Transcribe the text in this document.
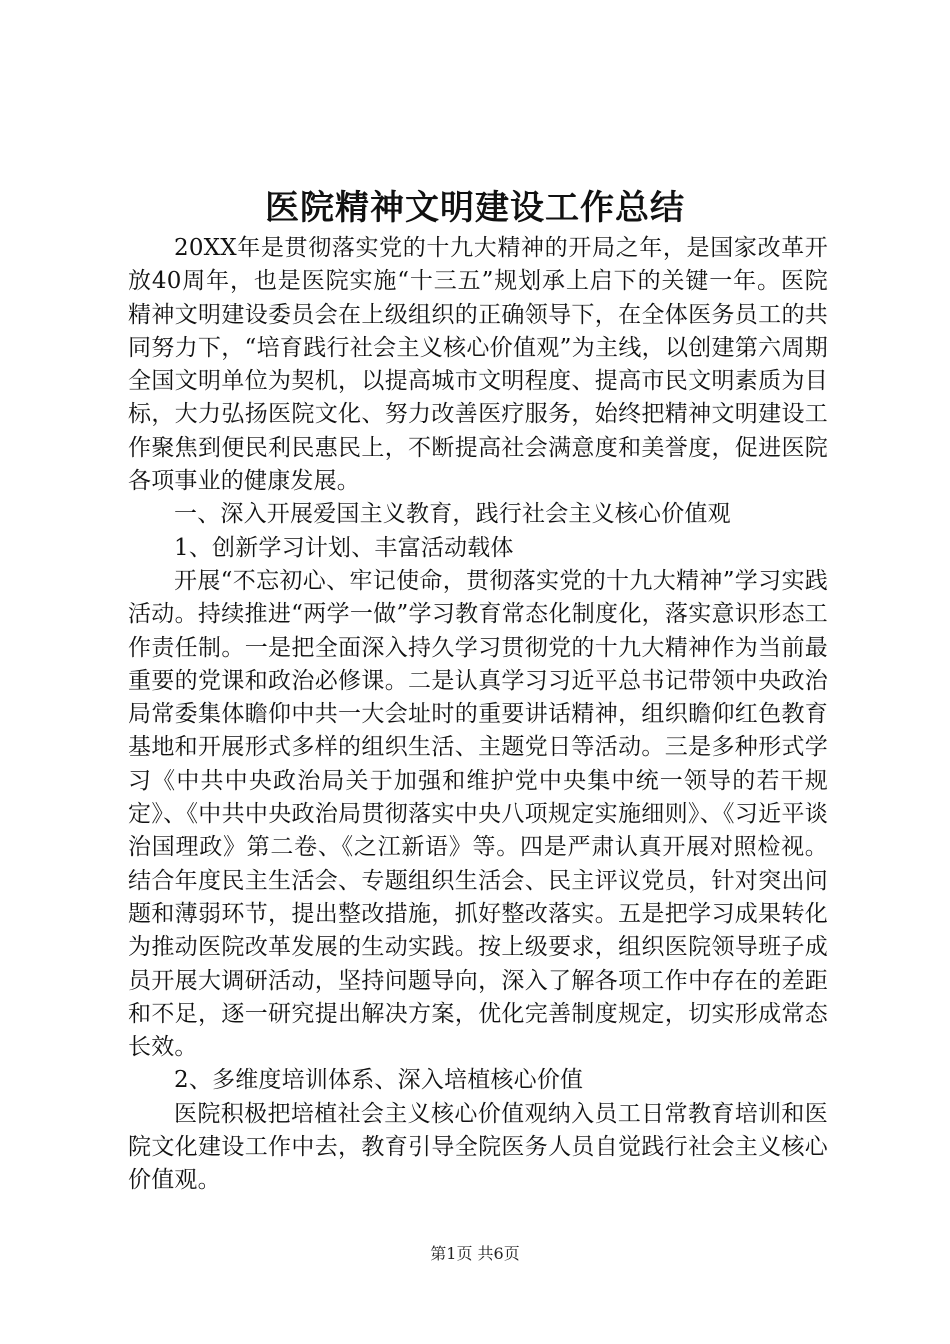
医院精神文明建设工作总结

20XX年是贯彻落实党的十九大精神的开局之年，是国家改革开放40周年，也是医院实施“十三五”规划承上启下的关键一年。医院精神文明建设委员会在上级组织的正确领导下，在全体医务员工的共同努力下，“培育践行社会主义核心价值观”为主线，以创建第六周期全国文明单位为契机，以提高城市文明程度、提高市民文明素质为目标，大力弘扬医院文化、努力改善医疗服务，始终把精神文明建设工作聚焦到便民利民惠民上，不断提高社会满意度和美誉度，促进医院各项事业的健康发展。

一、深入开展爱国主义教育，践行社会主义核心价值观

1、创新学习计划、丰富活动载体

开展“不忘初心、牢记使命，贯彻落实党的十九大精神”学习实践活动。持续推进“两学一做”学习教育常态化制度化，落实意识形态工作责任制。一是把全面深入持久学习贯彻党的十九大精神作为当前最重要的党课和政治必修课。二是认真学习习近平总书记带领中央政治局常委集体瞻仰中共一大会址时的重要讲话精神，组织瞻仰红色教育基地和开展形式多样的组织生活、主题党日等活动。三是多种形式学习《中共中央政治局关于加强和维护党中央集中统一领导的若干规定》、《中共中央政治局贯彻落实中央八项规定实施细则》、《习近平谈治国理政》第二卷、《之江新语》等。四是严肃认真开展对照检视。结合年度民主生活会、专题组织生活会、民主评议党员，针对突出问题和薄弱环节，提出整改措施，抓好整改落实。五是把学习成果转化为推动医院改革发展的生动实践。按上级要求，组织医院领导班子成员开展大调研活动，坚持问题导向，深入了解各项工作中存在的差距和不足，逐一研究提出解决方案，优化完善制度规定，切实形成常态长效。

2、多维度培训体系、深入培植核心价值

医院积极把培植社会主义核心价值观纳入员工日常教育培训和医院文化建设工作中去，教育引导全院医务人员自觉践行社会主义核心价值观。

第1页 共6页
